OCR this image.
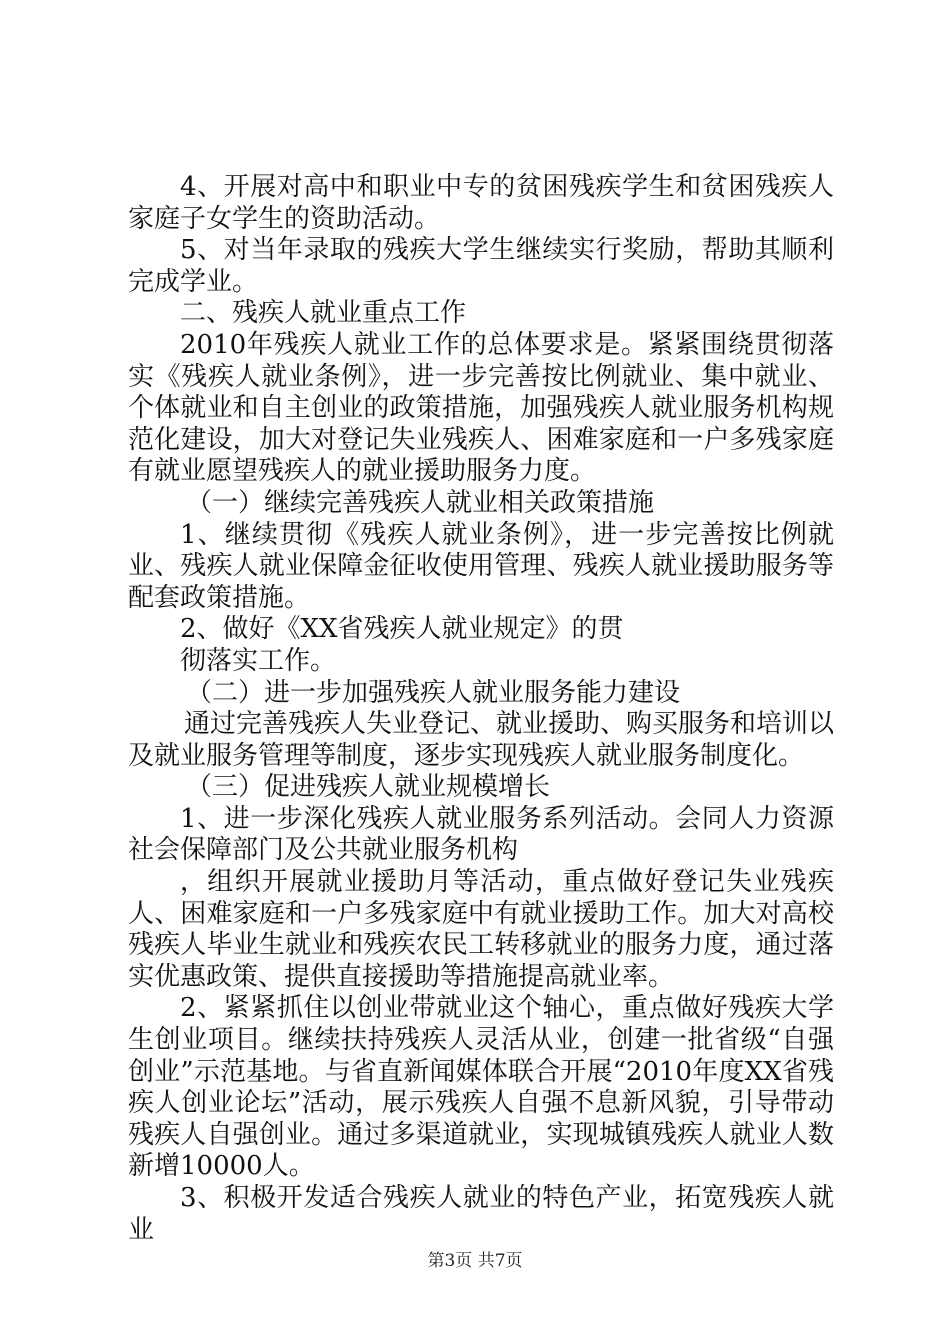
4、开展对高中和职业中专的贫困残疾学生和贫困残疾人家庭子女学生的资助活动。

5、对当年录取的残疾大学生继续实行奖励，帮助其顺利完成学业。

二、残疾人就业重点工作

2010年残疾人就业工作的总体要求是。紧紧围绕贯彻落实《残疾人就业条例》，进一步完善按比例就业、集中就业、个体就业和自主创业的政策措施，加强残疾人就业服务机构规范化建设，加大对登记失业残疾人、困难家庭和一户多残家庭有就业愿望残疾人的就业援助服务力度。

（一）继续完善残疾人就业相关政策措施

1、继续贯彻《残疾人就业条例》，进一步完善按比例就业、残疾人就业保障金征收使用管理、残疾人就业援助服务等配套政策措施。

2、做好《XX省残疾人就业规定》的贯

彻落实工作。

（二）进一步加强残疾人就业服务能力建设

通过完善残疾人失业登记、就业援助、购买服务和培训以及就业服务管理等制度，逐步实现残疾人就业服务制度化。

（三）促进残疾人就业规模增长

1、进一步深化残疾人就业服务系列活动。会同人力资源社会保障部门及公共就业服务机构

，组织开展就业援助月等活动，重点做好登记失业残疾人、困难家庭和一户多残家庭中有就业援助工作。加大对高校残疾人毕业生就业和残疾农民工转移就业的服务力度，通过落实优惠政策、提供直接援助等措施提高就业率。

2、紧紧抓住以创业带就业这个轴心，重点做好残疾大学生创业项目。继续扶持残疾人灵活从业，创建一批省级“自强创业”示范基地。与省直新闻媒体联合开展“2010年度XX省残疾人创业论坛”活动，展示残疾人自强不息新风貌，引导带动残疾人自强创业。通过多渠道就业，实现城镇残疾人就业人数新增10000人。

3、积极开发适合残疾人就业的特色产业，拓宽残疾人就业

第3页 共7页
